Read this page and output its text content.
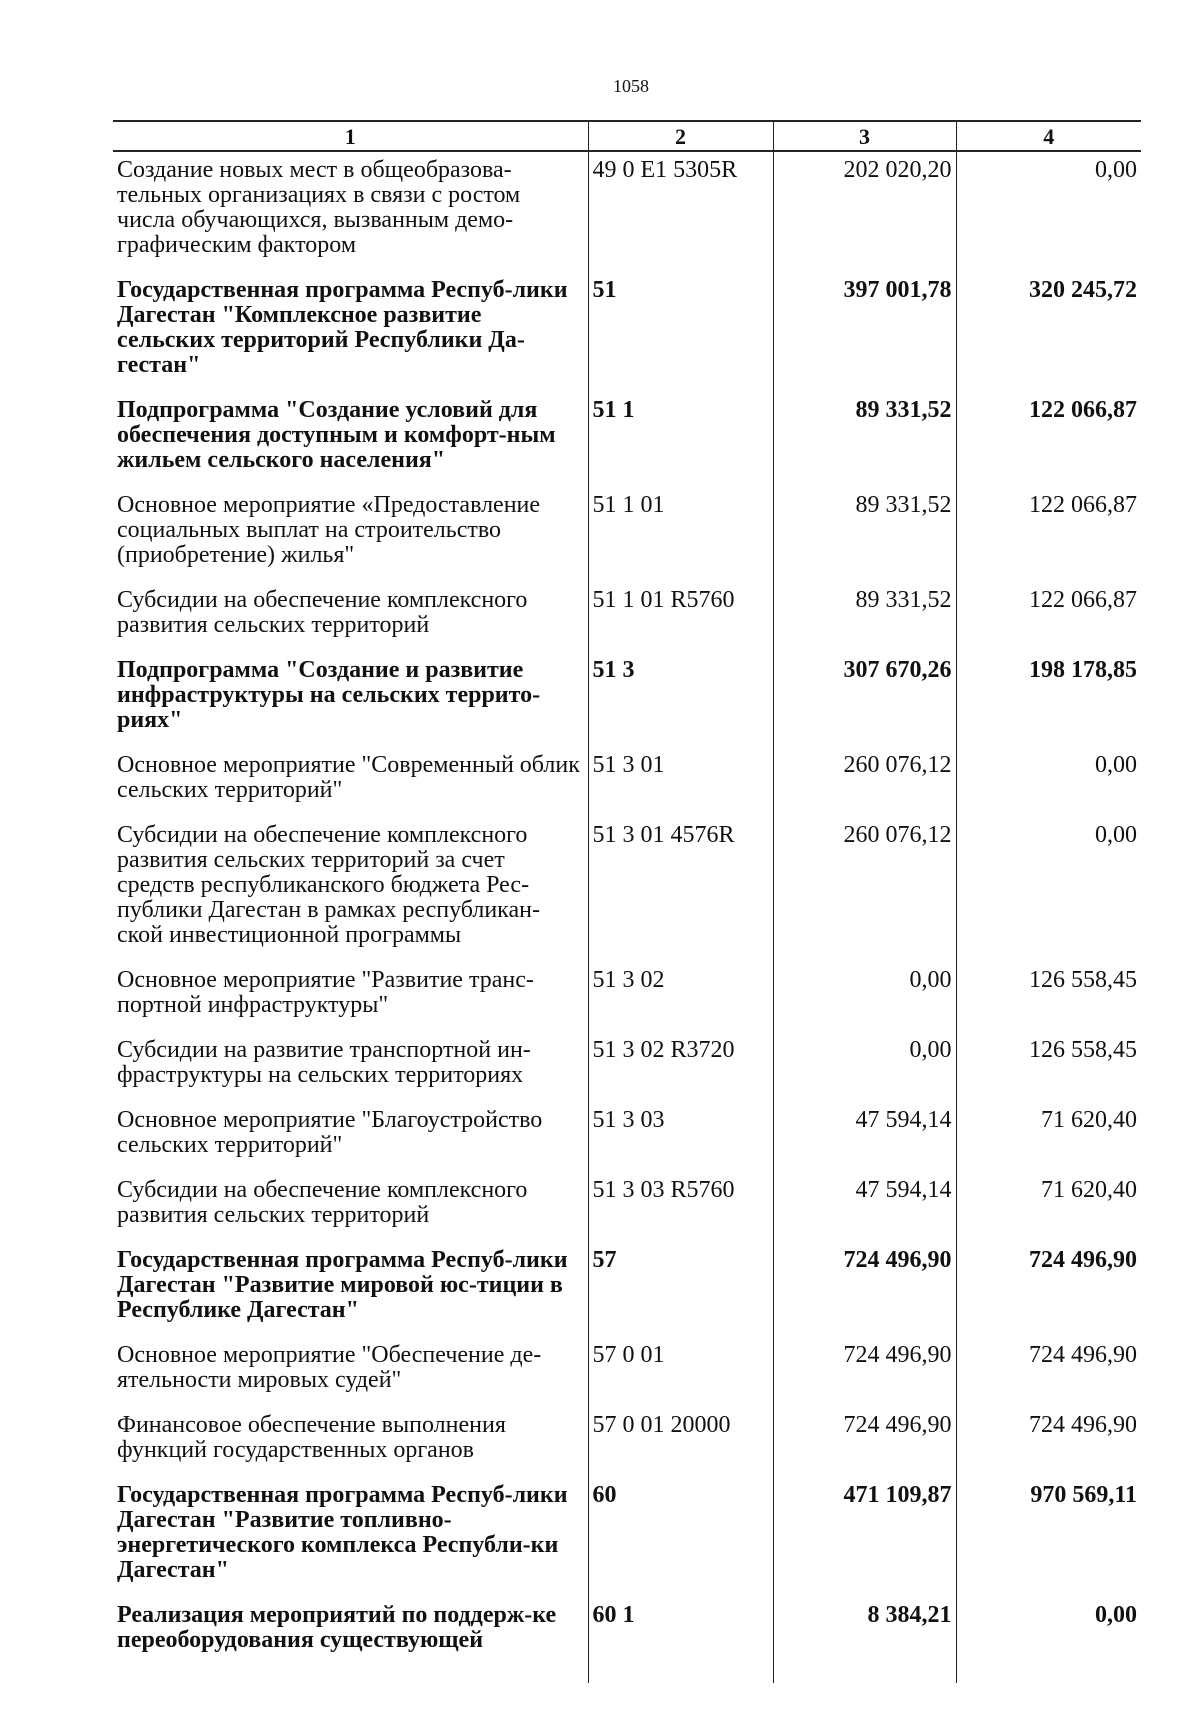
1058
1	2	3	4
Создание новых мест в общеобразова-тельных организациях в связи с ростом числа обучающихся, вызванным демо-графическим фактором	49 0 E1 5305R	202 020,20	0,00
Государственная программа Респуб-лики Дагестан "Комплексное развитие сельских территорий Республики Да-гестан"	51	397 001,78	320 245,72
Подпрограмма "Создание условий для обеспечения доступным и комфорт-ным жильем сельского населения"	51 1	89 331,52	122 066,87
Основное мероприятие «Предоставление социальных выплат на строительство (приобретение) жилья"	51 1 01	89 331,52	122 066,87
Субсидии на обеспечение комплексного развития сельских территорий	51 1 01 R5760	89 331,52	122 066,87
Подпрограмма "Создание и развитие инфраструктуры на сельских террито-риях"	51 3	307 670,26	198 178,85
Основное мероприятие "Современный облик сельских территорий"	51 3 01	260 076,12	0,00
Субсидии на обеспечение комплексного развития сельских территорий за счет средств республиканского бюджета Рес-публики Дагестан в рамках республикан-ской инвестиционной программы	51 3 01 4576R	260 076,12	0,00
Основное мероприятие "Развитие транс-портной инфраструктуры"	51 3 02	0,00	126 558,45
Субсидии на развитие транспортной ин-фраструктуры на сельских территориях	51 3 02 R3720	0,00	126 558,45
Основное мероприятие "Благоустройство сельских территорий"	51 3 03	47 594,14	71 620,40
Субсидии на обеспечение комплексного развития сельских территорий	51 3 03 R5760	47 594,14	71 620,40
Государственная программа Респуб-лики Дагестан "Развитие мировой юс-тиции в Республике Дагестан"	57	724 496,90	724 496,90
Основное мероприятие "Обеспечение де-ятельности мировых судей"	57 0 01	724 496,90	724 496,90
Финансовое обеспечение выполнения функций государственных органов	57 0 01 20000	724 496,90	724 496,90
Государственная программа Респуб-лики Дагестан "Развитие топливно-энергетического комплекса Республи-ки Дагестан"	60	471 109,87	970 569,11
Реализация мероприятий по поддерж-ке переоборудования существующей	60 1	8 384,21	0,00
